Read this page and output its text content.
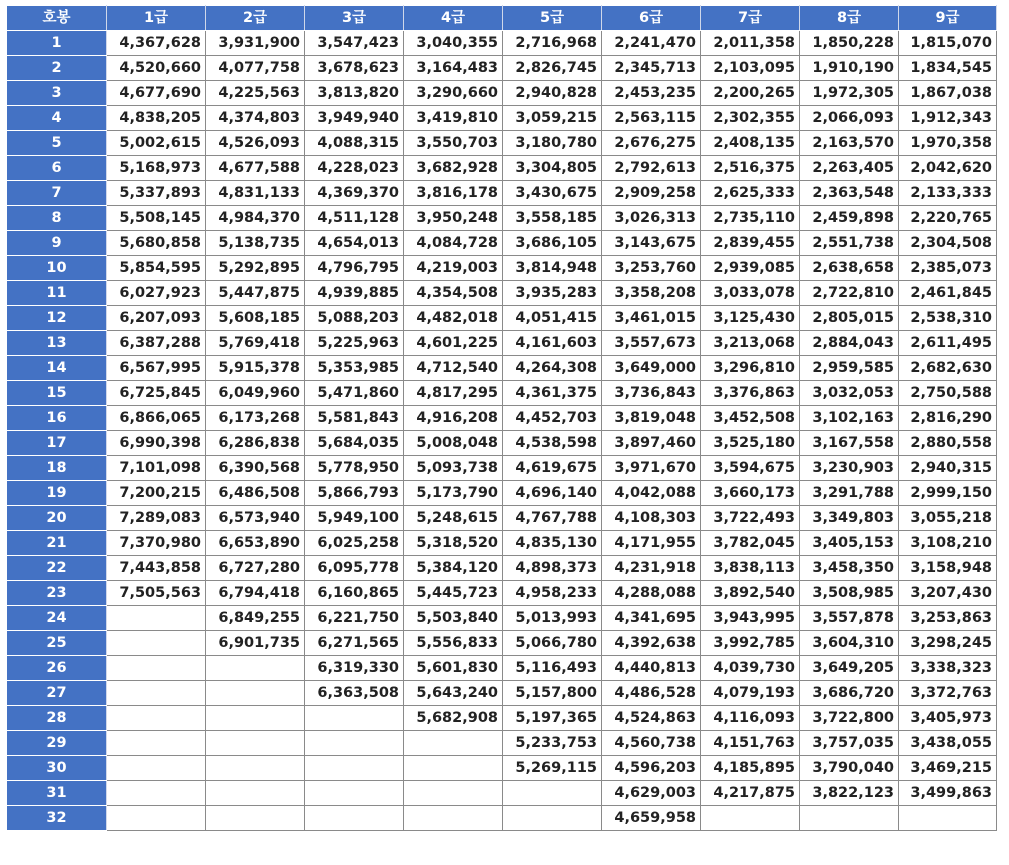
호봉	1급	2급	3급	4급	5급	6급	7급	8급	9급
1	4,367,628	3,931,900	3,547,423	3,040,355	2,716,968	2,241,470	2,011,358	1,850,228	1,815,070
2	4,520,660	4,077,758	3,678,623	3,164,483	2,826,745	2,345,713	2,103,095	1,910,190	1,834,545
3	4,677,690	4,225,563	3,813,820	3,290,660	2,940,828	2,453,235	2,200,265	1,972,305	1,867,038
4	4,838,205	4,374,803	3,949,940	3,419,810	3,059,215	2,563,115	2,302,355	2,066,093	1,912,343
5	5,002,615	4,526,093	4,088,315	3,550,703	3,180,780	2,676,275	2,408,135	2,163,570	1,970,358
6	5,168,973	4,677,588	4,228,023	3,682,928	3,304,805	2,792,613	2,516,375	2,263,405	2,042,620
7	5,337,893	4,831,133	4,369,370	3,816,178	3,430,675	2,909,258	2,625,333	2,363,548	2,133,333
8	5,508,145	4,984,370	4,511,128	3,950,248	3,558,185	3,026,313	2,735,110	2,459,898	2,220,765
9	5,680,858	5,138,735	4,654,013	4,084,728	3,686,105	3,143,675	2,839,455	2,551,738	2,304,508
10	5,854,595	5,292,895	4,796,795	4,219,003	3,814,948	3,253,760	2,939,085	2,638,658	2,385,073
11	6,027,923	5,447,875	4,939,885	4,354,508	3,935,283	3,358,208	3,033,078	2,722,810	2,461,845
12	6,207,093	5,608,185	5,088,203	4,482,018	4,051,415	3,461,015	3,125,430	2,805,015	2,538,310
13	6,387,288	5,769,418	5,225,963	4,601,225	4,161,603	3,557,673	3,213,068	2,884,043	2,611,495
14	6,567,995	5,915,378	5,353,985	4,712,540	4,264,308	3,649,000	3,296,810	2,959,585	2,682,630
15	6,725,845	6,049,960	5,471,860	4,817,295	4,361,375	3,736,843	3,376,863	3,032,053	2,750,588
16	6,866,065	6,173,268	5,581,843	4,916,208	4,452,703	3,819,048	3,452,508	3,102,163	2,816,290
17	6,990,398	6,286,838	5,684,035	5,008,048	4,538,598	3,897,460	3,525,180	3,167,558	2,880,558
18	7,101,098	6,390,568	5,778,950	5,093,738	4,619,675	3,971,670	3,594,675	3,230,903	2,940,315
19	7,200,215	6,486,508	5,866,793	5,173,790	4,696,140	4,042,088	3,660,173	3,291,788	2,999,150
20	7,289,083	6,573,940	5,949,100	5,248,615	4,767,788	4,108,303	3,722,493	3,349,803	3,055,218
21	7,370,980	6,653,890	6,025,258	5,318,520	4,835,130	4,171,955	3,782,045	3,405,153	3,108,210
22	7,443,858	6,727,280	6,095,778	5,384,120	4,898,373	4,231,918	3,838,113	3,458,350	3,158,948
23	7,505,563	6,794,418	6,160,865	5,445,723	4,958,233	4,288,088	3,892,540	3,508,985	3,207,430
24		6,849,255	6,221,750	5,503,840	5,013,993	4,341,695	3,943,995	3,557,878	3,253,863
25		6,901,735	6,271,565	5,556,833	5,066,780	4,392,638	3,992,785	3,604,310	3,298,245
26			6,319,330	5,601,830	5,116,493	4,440,813	4,039,730	3,649,205	3,338,323
27			6,363,508	5,643,240	5,157,800	4,486,528	4,079,193	3,686,720	3,372,763
28				5,682,908	5,197,365	4,524,863	4,116,093	3,722,800	3,405,973
29					5,233,753	4,560,738	4,151,763	3,757,035	3,438,055
30					5,269,115	4,596,203	4,185,895	3,790,040	3,469,215
31						4,629,003	4,217,875	3,822,123	3,499,863
32						4,659,958			
